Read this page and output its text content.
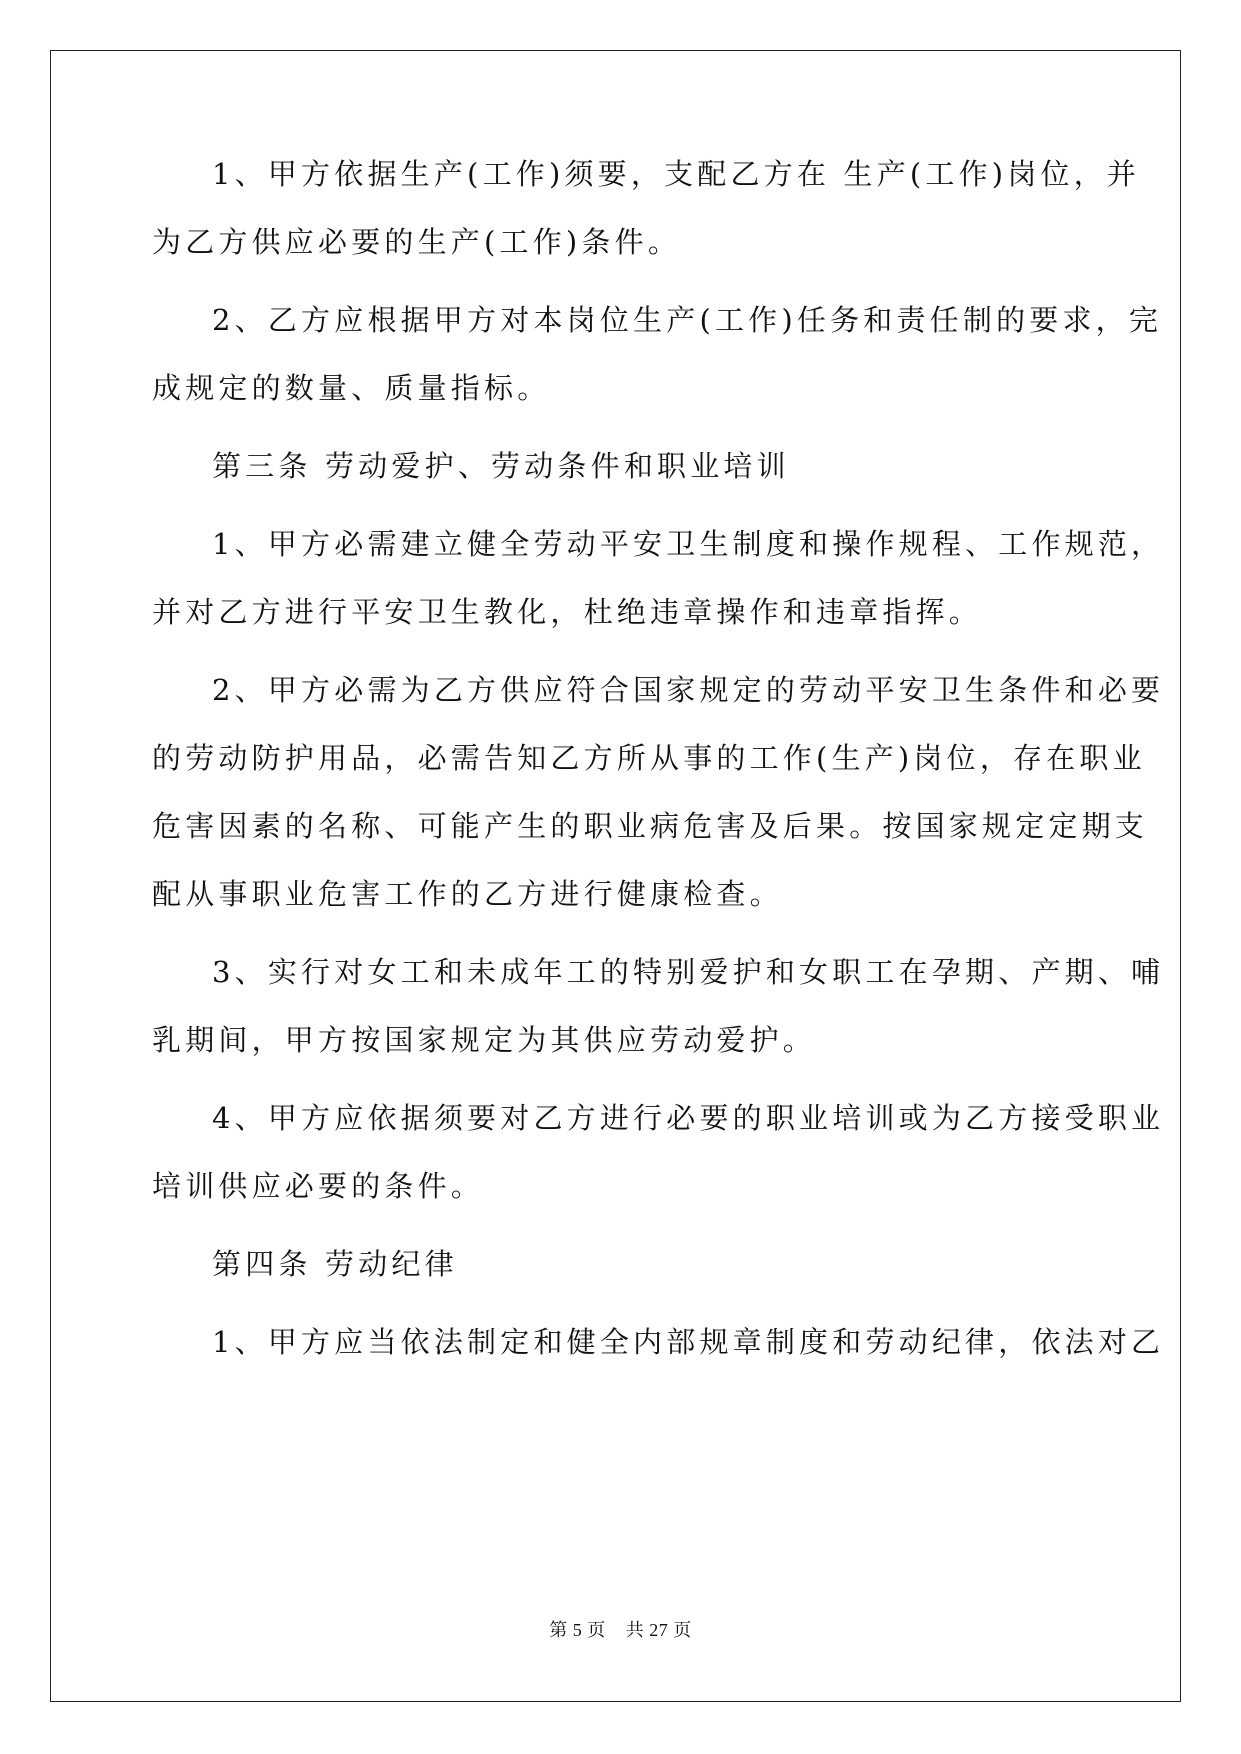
1、甲方依据生产(工作)须要，支配乙方在 生产(工作)岗位，并
为乙方供应必要的生产(工作)条件。
2、乙方应根据甲方对本岗位生产(工作)任务和责任制的要求，完
成规定的数量、质量指标。
第三条 劳动爱护、劳动条件和职业培训
1、甲方必需建立健全劳动平安卫生制度和操作规程、工作规范，
并对乙方进行平安卫生教化，杜绝违章操作和违章指挥。
2、甲方必需为乙方供应符合国家规定的劳动平安卫生条件和必要
的劳动防护用品，必需告知乙方所从事的工作(生产)岗位，存在职业
危害因素的名称、可能产生的职业病危害及后果。按国家规定定期支
配从事职业危害工作的乙方进行健康检查。
3、实行对女工和未成年工的特别爱护和女职工在孕期、产期、哺
乳期间，甲方按国家规定为其供应劳动爱护。
4、甲方应依据须要对乙方进行必要的职业培训或为乙方接受职业
培训供应必要的条件。
第四条 劳动纪律
1、甲方应当依法制定和健全内部规章制度和劳动纪律，依法对乙
第 5 页 共 27 页
